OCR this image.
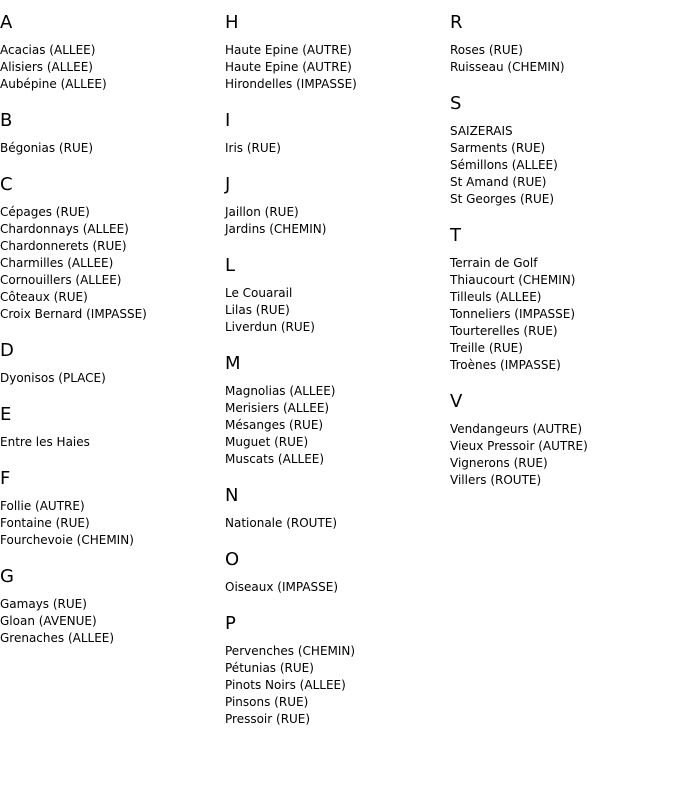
A
Acacias (ALLEE)
Alisiers (ALLEE)
Aubépine (ALLEE)
B
Bégonias (RUE)
C
Cépages (RUE)
Chardonnays (ALLEE)
Chardonnerets (RUE)
Charmilles (ALLEE)
Cornouillers (ALLEE)
Côteaux (RUE)
Croix Bernard (IMPASSE)
D
Dyonisos (PLACE)
E
Entre les Haies
F
Follie (AUTRE)
Fontaine (RUE)
Fourchevoie (CHEMIN)
G
Gamays (RUE)
Gloan (AVENUE)
Grenaches (ALLEE)
H
Haute Epine (AUTRE)
Haute Epine (AUTRE)
Hirondelles (IMPASSE)
I
Iris (RUE)
J
Jaillon (RUE)
Jardins (CHEMIN)
L
Le Couarail
Lilas (RUE)
Liverdun (RUE)
M
Magnolias (ALLEE)
Merisiers (ALLEE)
Mésanges (RUE)
Muguet (RUE)
Muscats (ALLEE)
N
Nationale (ROUTE)
O
Oiseaux (IMPASSE)
P
Pervenches (CHEMIN)
Pétunias (RUE)
Pinots Noirs (ALLEE)
Pinsons (RUE)
Pressoir (RUE)
R
Roses (RUE)
Ruisseau (CHEMIN)
S
SAIZERAIS
Sarments (RUE)
Sémillons (ALLEE)
St Amand (RUE)
St Georges (RUE)
T
Terrain de Golf
Thiaucourt (CHEMIN)
Tilleuls (ALLEE)
Tonneliers (IMPASSE)
Tourterelles (RUE)
Treille (RUE)
Troènes (IMPASSE)
V
Vendangeurs (AUTRE)
Vieux Pressoir (AUTRE)
Vignerons (RUE)
Villers (ROUTE)
